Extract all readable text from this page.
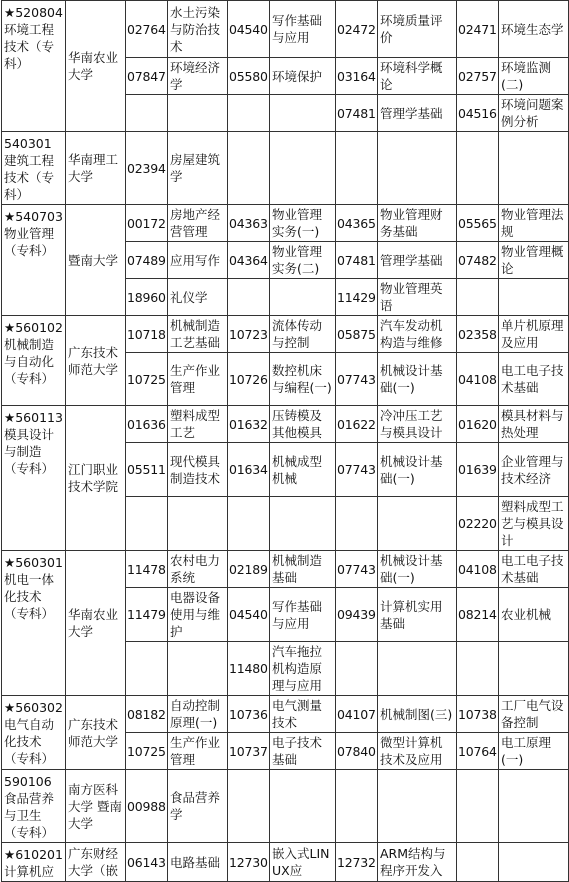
★520804 环境工程技术（专科）	华南农业大学	02764	水土污染与防治技术	04540	写作基础与应用	02472	环境质量评价	02471	环境生态学
		07847	环境经济学	05580	环境保护	03164	环境科学概论	02757	环境监测(二)
						07481	管理学基础	04516	环境问题案例分析
540301 建筑工程技术（专科）	华南理工大学	02394	房屋建筑学						
★540703 物业管理（专科）	暨南大学	00172	房地产经营管理	04363	物业管理实务(一)	04365	物业管理财务基础	05565	物业管理法规
		07489	应用写作	04364	物业管理实务(二)	07481	管理学基础	07482	物业管理概论
		18960	礼仪学			11429	物业管理英语		
★560102 机械制造与自动化（专科）	广东技术师范大学	10718	机械制造工艺基础	10723	流体传动与控制	05875	汽车发动机构造与维修	02358	单片机原理及应用
		10725	生产作业管理	10726	数控机床与编程(一)	07743	机械设计基础(一)	04108	电工电子技术基础
★560113 模具设计与制造（专科）	江门职业技术学院	01636	塑料成型工艺	01632	压铸模及其他模具	01622	冷冲压工艺与模具设计	01620	模具材料与热处理
		05511	现代模具制造技术	01634	机械成型机械	07743	机械设计基础(一)	01639	企业管理与技术经济
								02220	塑料成型工艺与模具设计
★560301 机电一体化技术（专科）	华南农业大学	11478	农村电力系统	02189	机械制造基础	07743	机械设计基础(一)	04108	电工电子技术基础
		11479	电器设备使用与维护	04540	写作基础与应用	09439	计算机实用基础	08214	农业机械
				11480	汽车拖拉机构造原理与应用				
★560302 电气自动化技术（专科）	广东技术师范大学	08182	自动控制原理(一)	10736	电气测量技术	04107	机械制图(三)	10738	工厂电气设备控制
		10725	生产作业管理	10737	电子技术基础	07840	微型计算机技术及应用	10764	电工原理(一)
590106 食品营养与卫生（专科）	南方医科大学 暨南大学	00988	食品营养学						
★610201 计算机应	广东财经大学（嵌	06143	电路基础	12730	嵌入式LINUX应	12732	ARM结构与程序开发入		
